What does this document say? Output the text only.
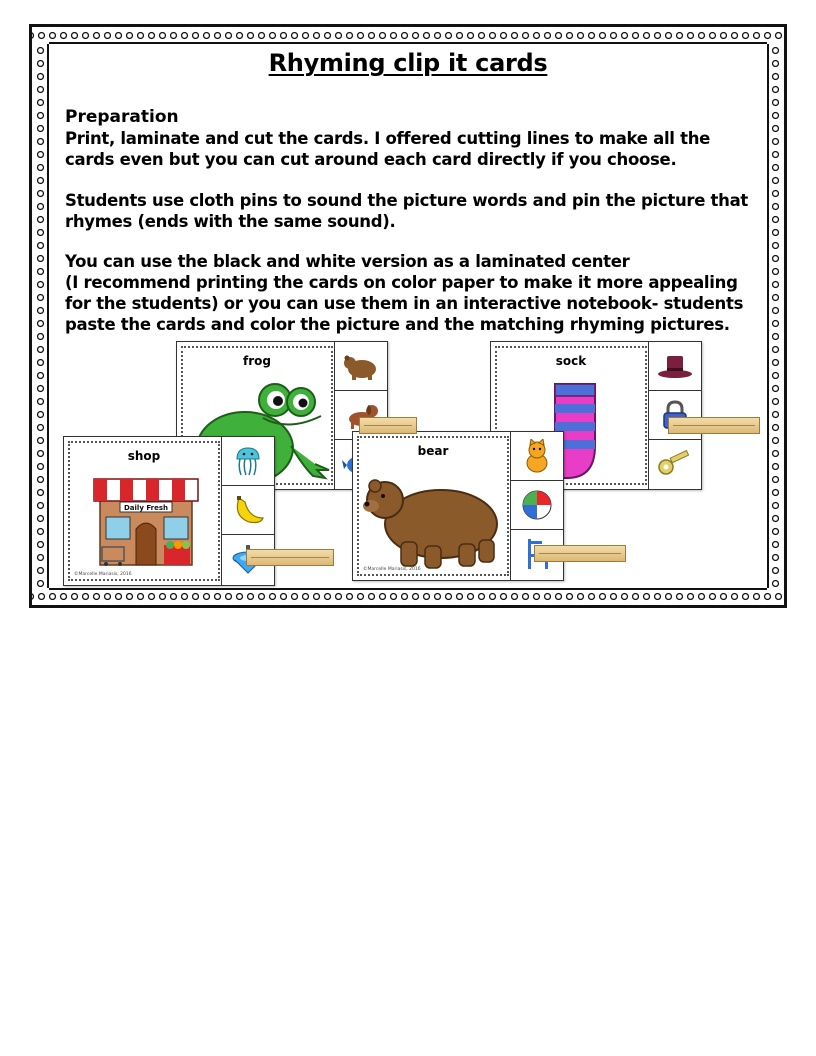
Rhyming clip it cards
Preparation
Print, laminate and cut the cards. I offered cutting lines to make all the
cards even but you can cut around each card directly if you choose.
Students use cloth pins to sound the picture words and pin the picture that
rhymes (ends with the same sound).
You can use the black and white version as a laminated center
(I recommend printing the cards on color paper to make it more appealing
for the students) or you can use them in an interactive notebook- students
paste the cards and color the picture and the matching rhyming pictures.
frog	sock
shop
Daily Fresh
©Marcelle Mariasis, 2016
bear
©Marcelle Mariasis, 2016
